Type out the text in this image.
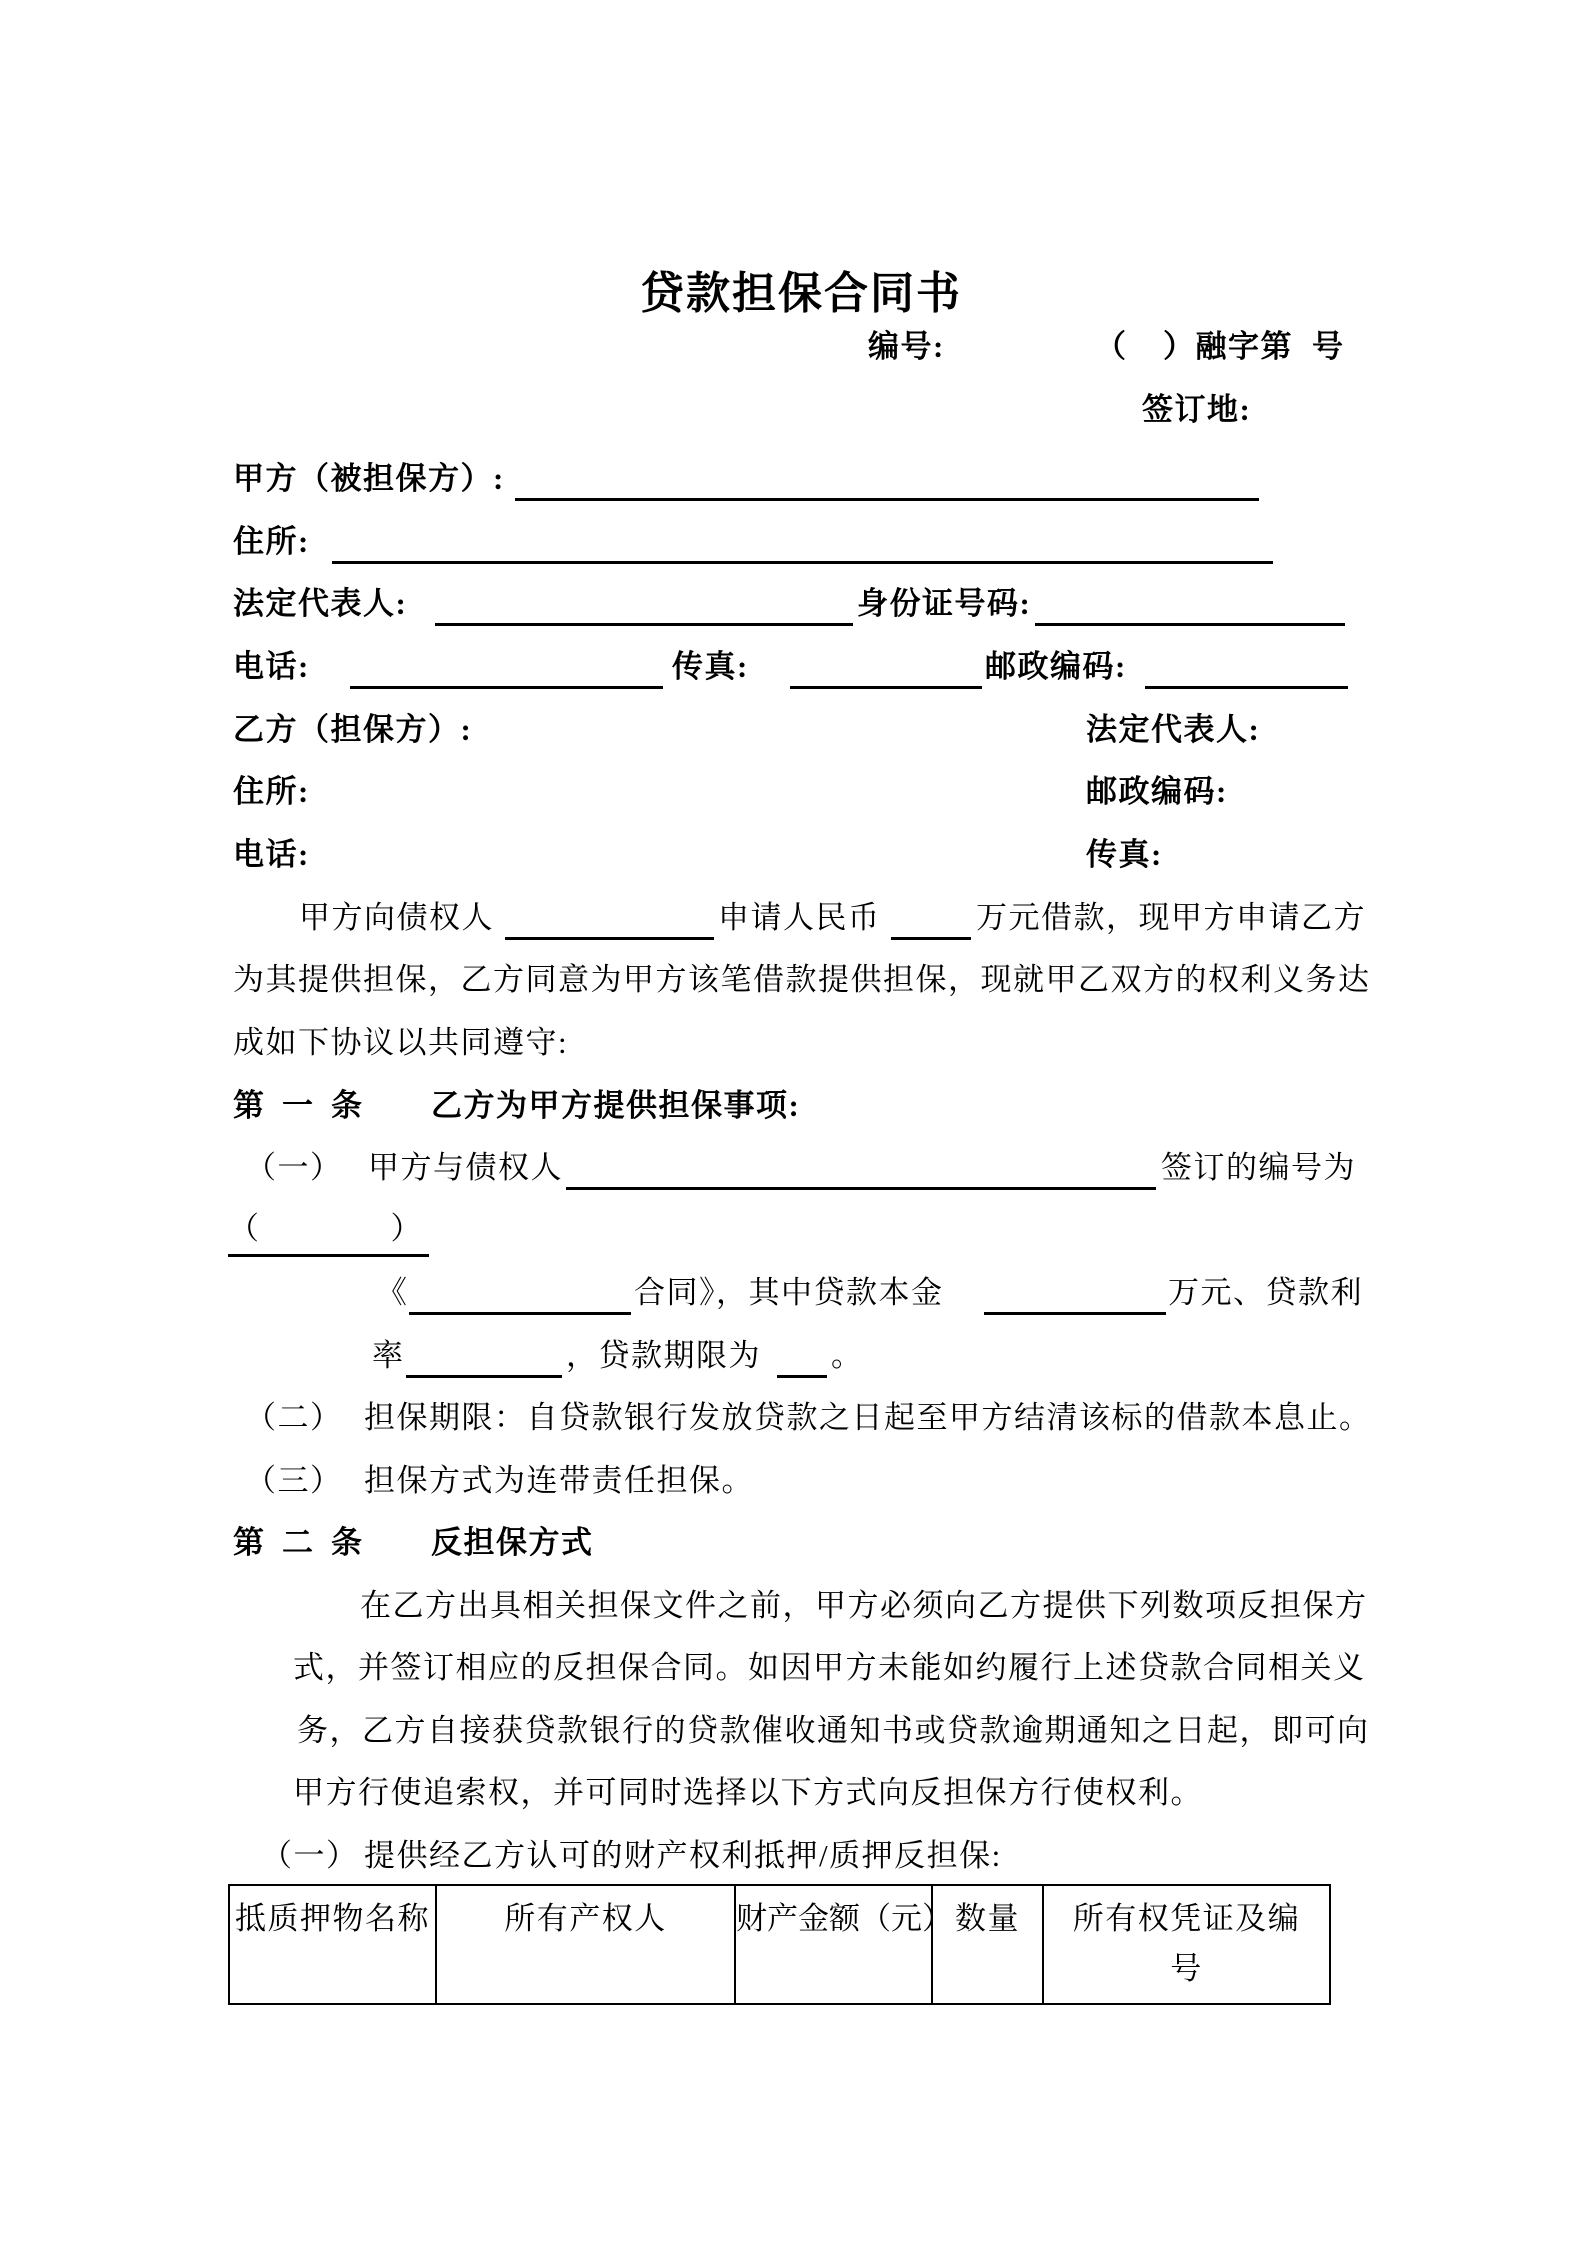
贷款担保合同书
编号:	（ ）融字第 号
签订地:
甲方（被担保方）:
住所:
法定代表人:	身份证号码:
电话:	传真:	邮政编码:
乙方（担保方）:	法定代表人:
住所:	邮政编码:
电话:	传真:
甲方向债权人	申请人民币	万元借款，现甲方申请乙方
为其提供担保，乙方同意为甲方该笔借款提供担保，现就甲乙双方的权利义务达
成如下协议以共同遵守:
第一条 乙方为甲方提供担保事项:
（一） 甲方与债权人	签订的编号为
（　　　　）
《	合同》，其中贷款本金	万元、贷款利
率	，贷款期限为 。
（二） 担保期限：自贷款银行发放贷款之日起至甲方结清该标的借款本息止。
（三） 担保方式为连带责任担保。
第二条 反担保方式
在乙方出具相关担保文件之前，甲方必须向乙方提供下列数项反担保方
式，并签订相应的反担保合同。如因甲方未能如约履行上述贷款合同相关义
务，乙方自接获贷款银行的贷款催收通知书或贷款逾期通知之日起，即可向
甲方行使追索权，并可同时选择以下方式向反担保方行使权利。
（一） 提供经乙方认可的财产权利抵押/质押反担保:
抵质押物名称	所有产权人	财产金额（元）	数量	所有权凭证及编号
